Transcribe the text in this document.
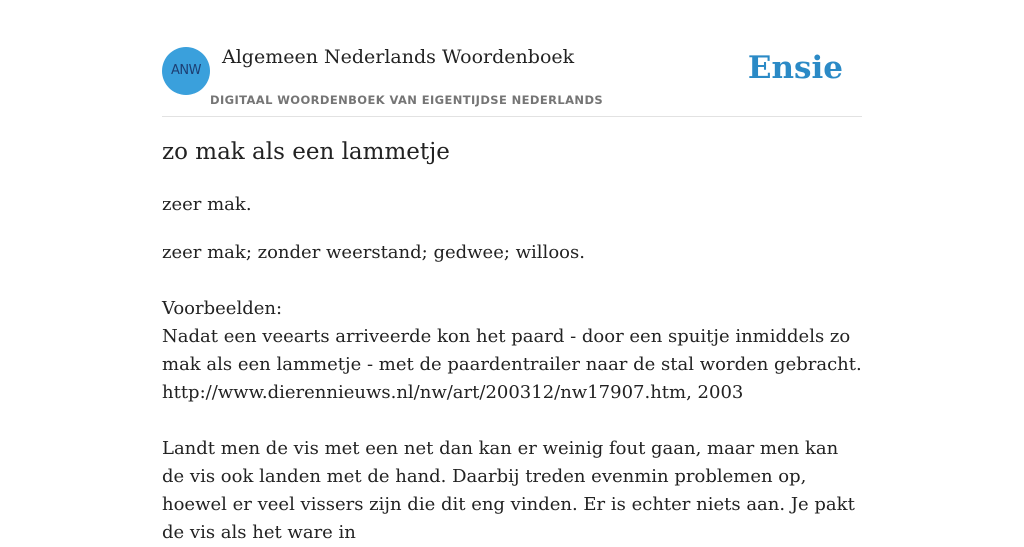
ANW
Algemeen Nederlands Woordenboek
DIGITAAL WOORDENBOEK VAN EIGENTIJDSE NEDERLANDS
Ensie
zo mak als een lammetje
zeer mak.

zeer mak; zonder weerstand; gedwee; willoos.

Voorbeelden:

Nadat een veearts arriveerde kon het paard - door een spuitje inmiddels zo mak als een lammetje - met de paardentrailer naar de stal worden gebracht.

http://www.dierennieuws.nl/nw/art/200312/nw17907.htm, 2003

Landt men de vis met een net dan kan er weinig fout gaan, maar men kan de vis ook landen met de hand. Daarbij treden evenmin problemen op, hoewel er veel vissers zijn die dit eng vinden. Er is echter niets aan. Je pakt de vis als het ware in
